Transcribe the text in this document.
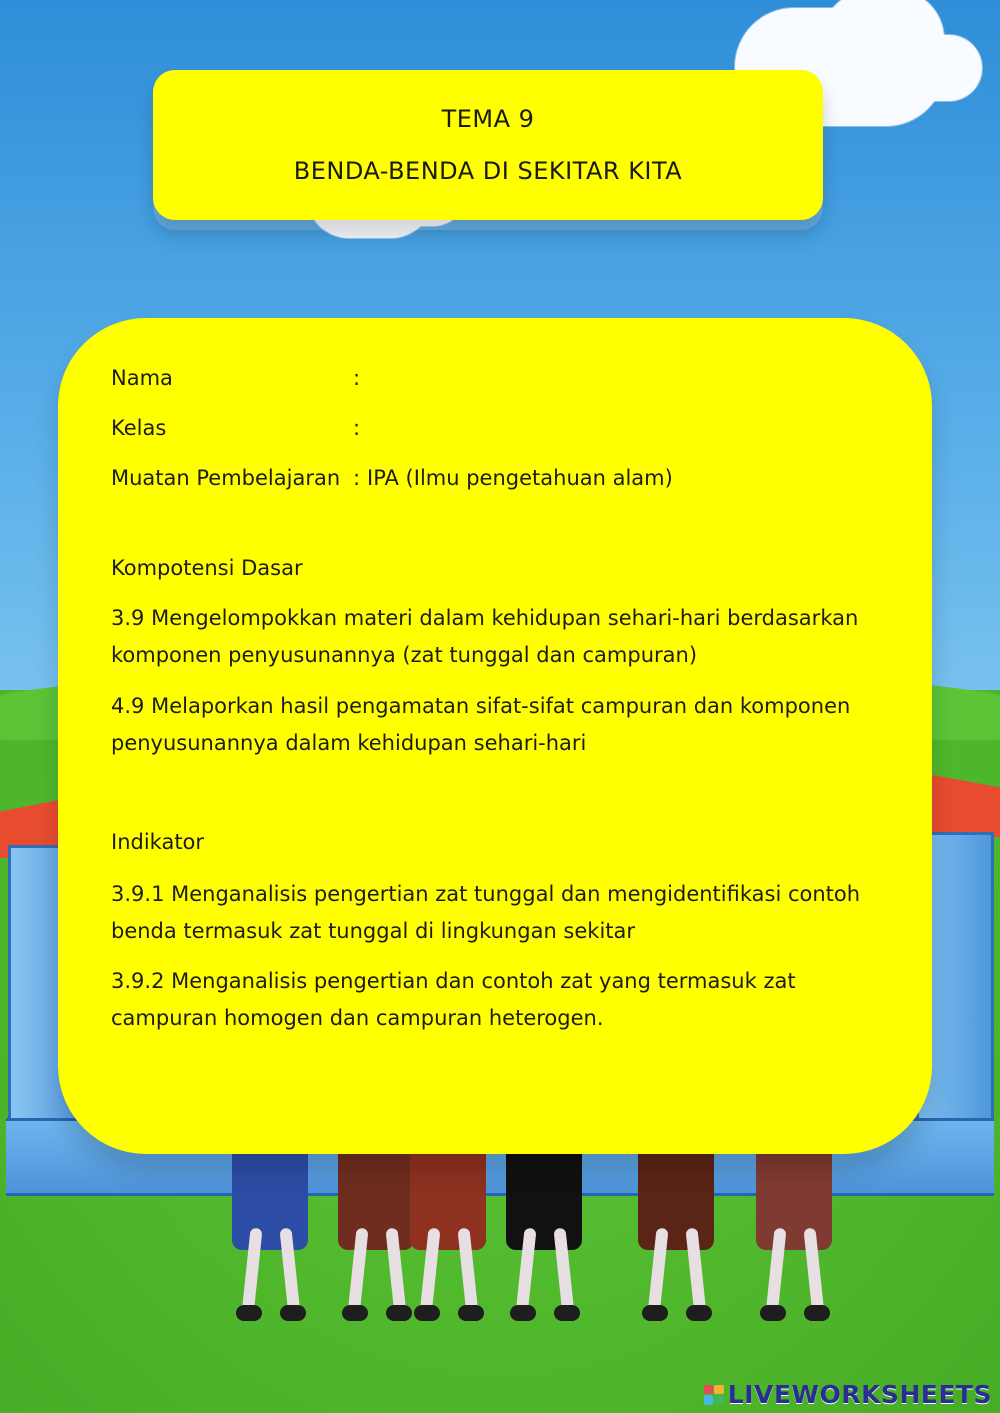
TEMA 9
BENDA-BENDA DI SEKITAR KITA
Nama	:
Kelas	:
Muatan Pembelajaran : IPA (Ilmu pengetahuan alam)
Kompotensi Dasar
3.9 Mengelompokkan materi dalam kehidupan sehari-hari berdasarkan komponen penyusunannya (zat tunggal dan campuran)
4.9 Melaporkan hasil pengamatan sifat-sifat campuran dan komponen penyusunannya dalam kehidupan sehari-hari
Indikator
3.9.1 Menganalisis pengertian zat tunggal dan mengidentifikasi contoh benda termasuk zat tunggal di lingkungan sekitar
3.9.2 Menganalisis pengertian dan contoh zat yang termasuk zat campuran homogen dan campuran heterogen.
LIVEWORKSHEETS
